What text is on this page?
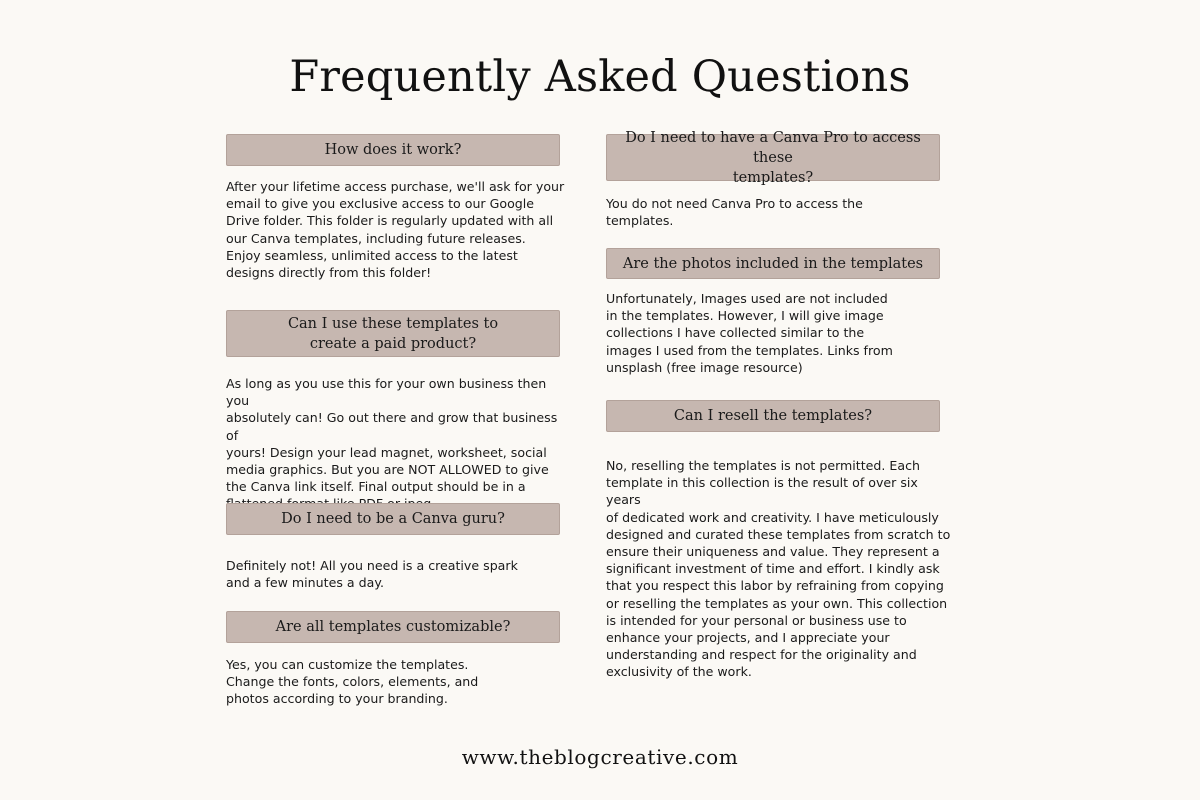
Frequently Asked Questions
How does it work?
After your lifetime access purchase, we'll ask for your
email to give you exclusive access to our Google
Drive folder. This folder is regularly updated with all
our Canva templates, including future releases.
Enjoy seamless, unlimited access to the latest
designs directly from this folder!
Can I use these templates to
create a paid product?
As long as you use this for your own business then you
absolutely can! Go out there and grow that business of
yours! Design your lead magnet, worksheet, social
media graphics. But you are NOT ALLOWED to give
the Canva link itself. Final output should be in a

Do I need to be a Canva guru?
Definitely not! All you need is a creative spark
and a few minutes a day.
Are all templates customizable?
Yes, you can customize the templates.
Change the fonts, colors, elements, and
photos according to your branding.
Do I need to have a Canva Pro to access these
templates?
You do not need Canva Pro to access the
templates.
Are the photos included in the templates
Unfortunately, Images used are not included
in the templates. However, I will give image
collections I have collected similar to the
images I used from the templates. Links from
unsplash (free image resource)
Can I resell the templates?
No, reselling the templates is not permitted. Each
template in this collection is the result of over six years
of dedicated work and creativity. I have meticulously
designed and curated these templates from scratch to
ensure their uniqueness and value. They represent a
significant investment of time and effort. I kindly ask
that you respect this labor by refraining from copying
or reselling the templates as your own. This collection
is intended for your personal or business use to
enhance your projects, and I appreciate your
understanding and respect for the originality and
exclusivity of the work.
www.theblogcreative.com
